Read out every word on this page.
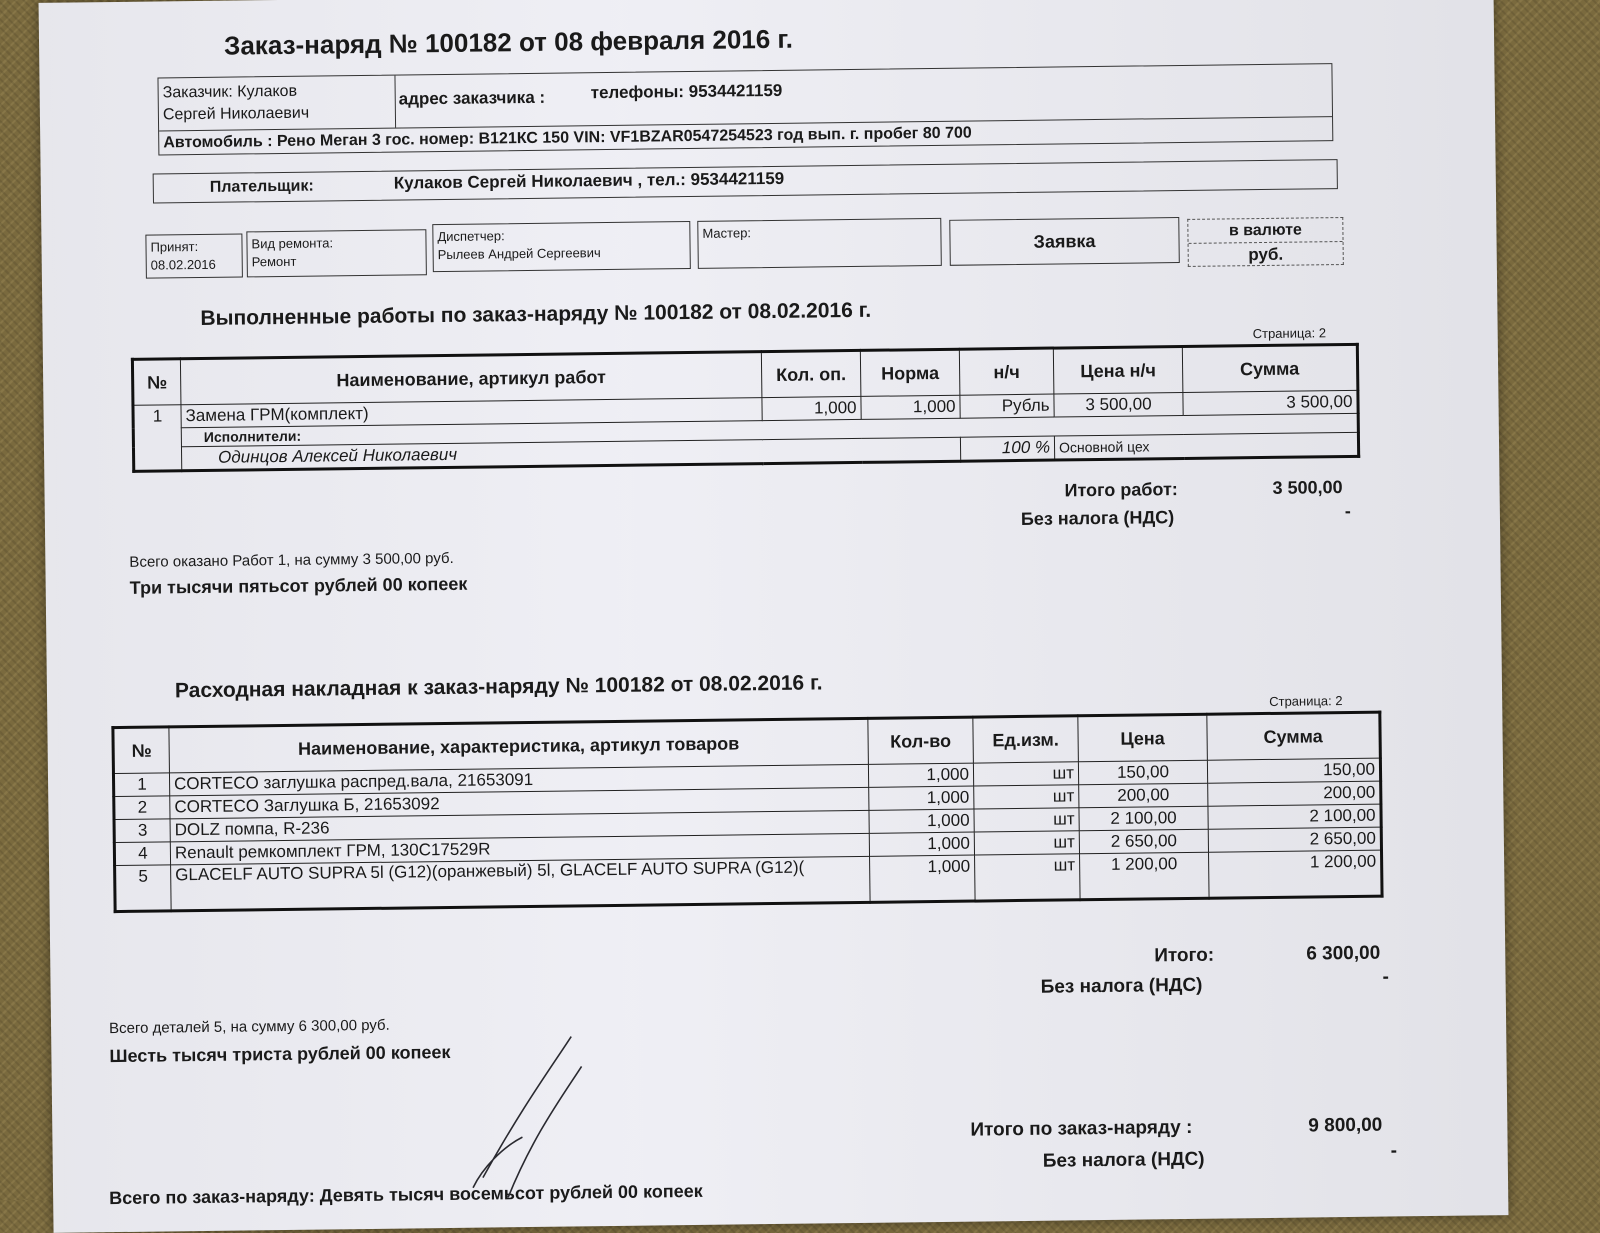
Заказ-наряд № 100182 от 08 февраля 2016 г.
Заказчик: Кулаков
Сергей Николаевич
адрес заказчика :	телефоны: 9534421159
Автомобиль : Рено Меган 3 гос. номер: В121КС 150 VIN: VF1BZAR0547254523 год вып. г. пробег 80 700
Плательщик:	Кулаков Сергей Николаевич , тел.: 9534421159
Принят:
08.02.2016
Вид ремонта:
Ремонт
Диспетчер:
Рылеев Андрей Сергеевич
Мастер:	Заявка
в валюте
руб.
Выполненные работы по заказ-наряду № 100182 от 08.02.2016 г.
Страница: 2
№	Наименование, артикул работ	Кол. оп.	Норма	н/ч	Цена н/ч	Сумма
1	Замена ГРМ(комплект)	1,000	1,000	Рубль	3 500,00	3 500,00
	Исполнители:					
	Одинцов Алексей Николаевич			100 %	Основной цех	
Итого работ:	3 500,00
Без налога (НДС)	-
Всего оказано Работ 1, на сумму 3 500,00 руб.
Три тысячи пятьсот рублей 00 копеек
Расходная накладная к заказ-наряду № 100182 от 08.02.2016 г.	Страница: 2
№	Наименование, характеристика, артикул товаров	Кол-во	Ед.изм.	Цена	Сумма
1	CORTECO заглушка распред.вала, 21653091	1,000	шт	150,00	150,00
2	CORTECO Заглушка Б, 21653092	1,000	шт	200,00	200,00
3	DOLZ помпа, R-236	1,000	шт	2 100,00	2 100,00
4	Renault ремкомплект ГРМ, 130C17529R	1,000	шт	2 650,00	2 650,00
5	GLACELF AUTO SUPRA 5l (G12)(оранжевый) 5l, GLACELF AUTO SUPRA (G12)(	1,000	шт	1 200,00	1 200,00
Итого:	6 300,00
Без налога (НДС)	-
Всего деталей 5, на сумму 6 300,00 руб.
Шесть тысяч триста рублей 00 копеек
Итого по заказ-наряду :	9 800,00
Без налога (НДС)	-
Всего по заказ-наряду: Девять тысяч восемьсот рублей 00 копеек
